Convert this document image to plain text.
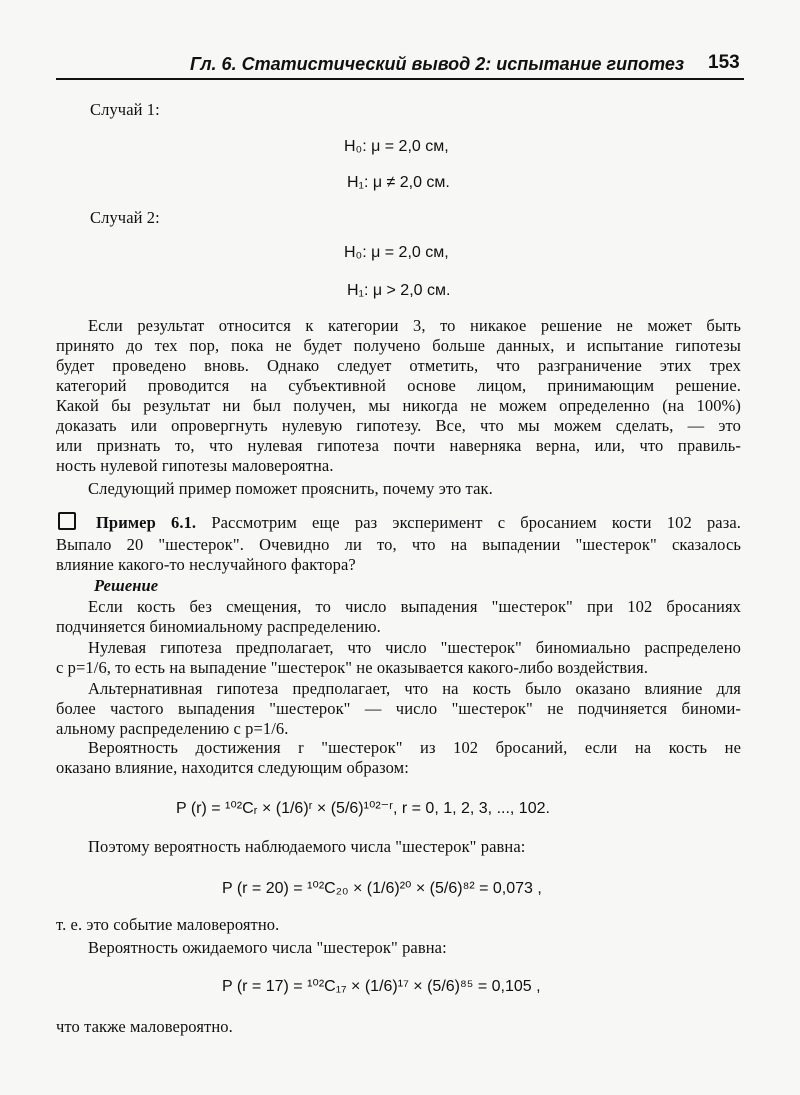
Гл. 6. Статистический вывод 2: испытание гипотез 153
Случай 1:
H₀: μ = 2,0 см,
H₁: μ ≠ 2,0 см.
Случай 2:
H₀: μ = 2,0 см,
H₁: μ > 2,0 см.
Если результат относится к категории 3, то никакое решение не может быть
принято до тех пор, пока не будет получено больше данных, и испытание гипотезы
будет проведено вновь. Однако следует отметить, что разграничение этих трех
категорий проводится на субъективной основе лицом, принимающим решение.
Какой бы результат ни был получен, мы никогда не можем определенно (на 100%)
доказать или опровергнуть нулевую гипотезу. Все, что мы можем сделать, — это
или признать то, что нулевая гипотеза почти наверняка верна, или, что правиль-
ность нулевой гипотезы маловероятна.
Следующий пример поможет прояснить, почему это так.
Пример 6.1. Рассмотрим еще раз эксперимент с бросанием кости 102 раза.
Выпало 20 "шестерок". Очевидно ли то, что на выпадении "шестерок" сказалось
влияние какого-то неслучайного фактора?
Решение
Если кость без смещения, то число выпадения "шестерок" при 102 бросаниях
подчиняется биномиальному распределению.
Нулевая гипотеза предполагает, что число "шестерок" биномиально распределено
с p=1/6, то есть на выпадение "шестерок" не оказывается какого-либо воздействия.
Альтернативная гипотеза предполагает, что на кость было оказано влияние для
более частого выпадения "шестерок" — число "шестерок" не подчиняется биноми-
альному распределению с p=1/6.
Вероятность достижения r "шестерок" из 102 бросаний, если на кость не
оказано влияние, находится следующим образом:
P (r) = ¹⁰²Cᵣ × (1/6)ʳ × (5/6)¹⁰²⁻ʳ, r = 0, 1, 2, 3, ..., 102.
Поэтому вероятность наблюдаемого числа "шестерок" равна:
P (r = 20) = ¹⁰²C₂₀ × (1/6)²⁰ × (5/6)⁸² = 0,073 ,
т. е. это событие маловероятно.
Вероятность ожидаемого числа "шестерок" равна:
P (r = 17) = ¹⁰²C₁₇ × (1/6)¹⁷ × (5/6)⁸⁵ = 0,105 ,
что также маловероятно.
